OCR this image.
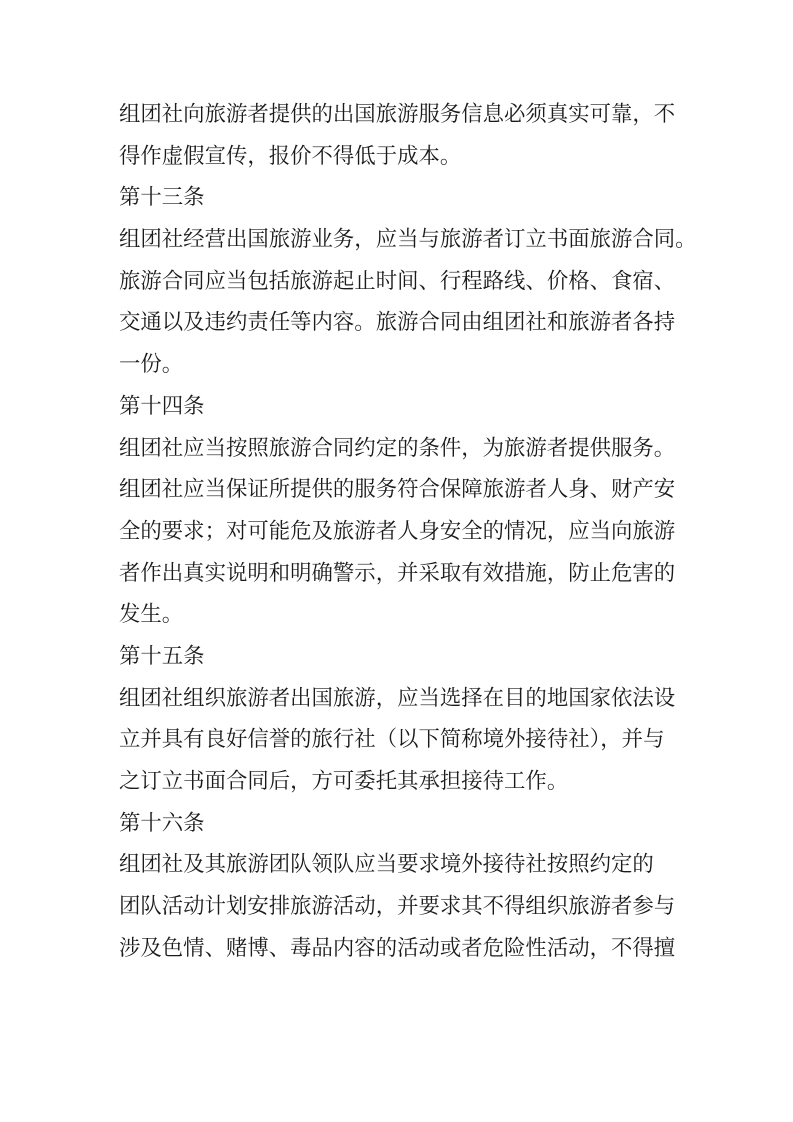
组团社向旅游者提供的出国旅游服务信息必须真实可靠，不
得作虚假宣传，报价不得低于成本。
第十三条
组团社经营出国旅游业务，应当与旅游者订立书面旅游合同。
旅游合同应当包括旅游起止时间、行程路线、价格、食宿、
交通以及违约责任等内容。旅游合同由组团社和旅游者各持
一份。
第十四条
组团社应当按照旅游合同约定的条件，为旅游者提供服务。
组团社应当保证所提供的服务符合保障旅游者人身、财产安
全的要求；对可能危及旅游者人身安全的情况，应当向旅游
者作出真实说明和明确警示，并采取有效措施，防止危害的
发生。
第十五条
组团社组织旅游者出国旅游，应当选择在目的地国家依法设
立并具有良好信誉的旅行社（以下简称境外接待社），并与
之订立书面合同后，方可委托其承担接待工作。
第十六条
组团社及其旅游团队领队应当要求境外接待社按照约定的
团队活动计划安排旅游活动，并要求其不得组织旅游者参与
涉及色情、赌博、毒品内容的活动或者危险性活动，不得擅
